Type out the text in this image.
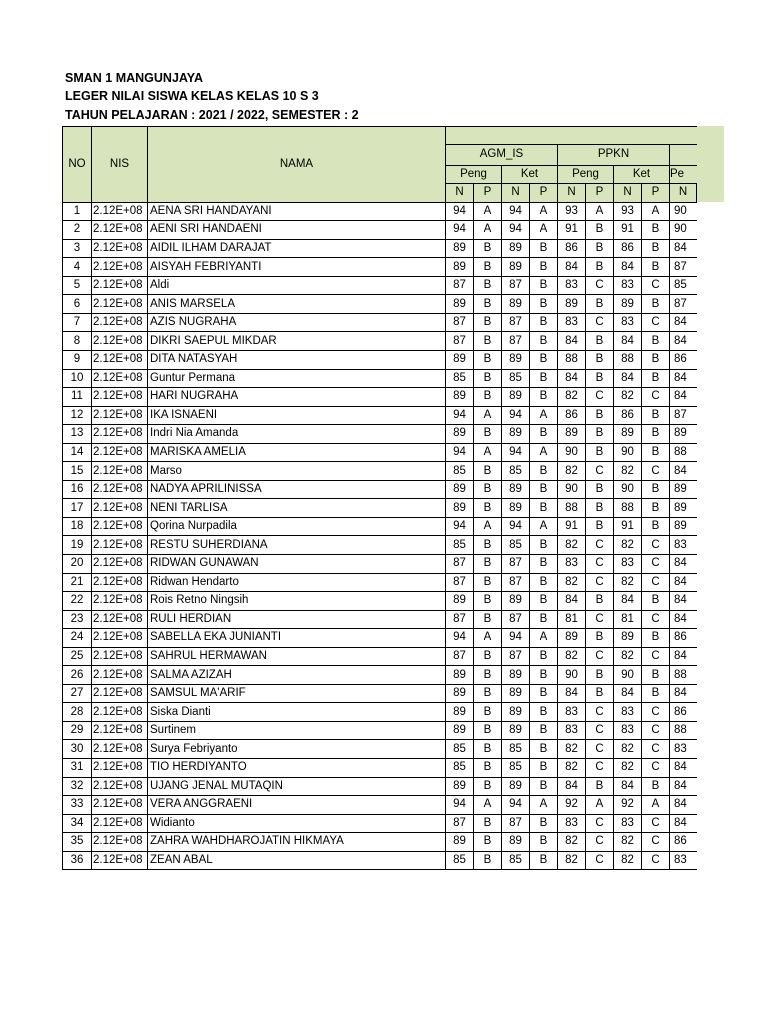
SMAN 1 MANGUNJAYA
LEGER NILAI SISWA KELAS KELAS 10 S 3
TAHUN PELAJARAN : 2021 / 2022, SEMESTER : 2
NO	NIS	NAMA									
			AGM_IS				PPKN				
			Peng		Ket		Peng		Ket		Pe
			N	P	N	P	N	P	N	P	N
1	2.12E+08	AENA SRI HANDAYANI	94	A	94	A	93	A	93	A	90
2	2.12E+08	AENI SRI HANDAENI	94	A	94	A	91	B	91	B	90
3	2.12E+08	AIDIL ILHAM DARAJAT	89	B	89	B	86	B	86	B	84
4	2.12E+08	AISYAH FEBRIYANTI	89	B	89	B	84	B	84	B	87
5	2.12E+08	Aldi	87	B	87	B	83	C	83	C	85
6	2.12E+08	ANIS MARSELA	89	B	89	B	89	B	89	B	87
7	2.12E+08	AZIS NUGRAHA	87	B	87	B	83	C	83	C	84
8	2.12E+08	DIKRI SAEPUL MIKDAR	87	B	87	B	84	B	84	B	84
9	2.12E+08	DITA NATASYAH	89	B	89	B	88	B	88	B	86
10	2.12E+08	Guntur Permana	85	B	85	B	84	B	84	B	84
11	2.12E+08	HARI NUGRAHA	89	B	89	B	82	C	82	C	84
12	2.12E+08	IKA ISNAENI	94	A	94	A	86	B	86	B	87
13	2.12E+08	Indri Nia Amanda	89	B	89	B	89	B	89	B	89
14	2.12E+08	MARISKA AMELIA	94	A	94	A	90	B	90	B	88
15	2.12E+08	Marso	85	B	85	B	82	C	82	C	84
16	2.12E+08	NADYA APRILINISSA	89	B	89	B	90	B	90	B	89
17	2.12E+08	NENI TARLISA	89	B	89	B	88	B	88	B	89
18	2.12E+08	Qorina Nurpadila	94	A	94	A	91	B	91	B	89
19	2.12E+08	RESTU SUHERDIANA	85	B	85	B	82	C	82	C	83
20	2.12E+08	RIDWAN GUNAWAN	87	B	87	B	83	C	83	C	84
21	2.12E+08	Ridwan Hendarto	87	B	87	B	82	C	82	C	84
22	2.12E+08	Rois Retno Ningsih	89	B	89	B	84	B	84	B	84
23	2.12E+08	RULI HERDIAN	87	B	87	B	81	C	81	C	84
24	2.12E+08	SABELLA EKA JUNIANTI	94	A	94	A	89	B	89	B	86
25	2.12E+08	SAHRUL HERMAWAN	87	B	87	B	82	C	82	C	84
26	2.12E+08	SALMA AZIZAH	89	B	89	B	90	B	90	B	88
27	2.12E+08	SAMSUL MA'ARIF	89	B	89	B	84	B	84	B	84
28	2.12E+08	Siska Dianti	89	B	89	B	83	C	83	C	86
29	2.12E+08	Surtinem	89	B	89	B	83	C	83	C	88
30	2.12E+08	Surya Febriyanto	85	B	85	B	82	C	82	C	83
31	2.12E+08	TIO HERDIYANTO	85	B	85	B	82	C	82	C	84
32	2.12E+08	UJANG JENAL MUTAQIN	89	B	89	B	84	B	84	B	84
33	2.12E+08	VERA ANGGRAENI	94	A	94	A	92	A	92	A	84
34	2.12E+08	Widianto	87	B	87	B	83	C	83	C	84
35	2.12E+08	ZAHRA WAHDHAROJATIN HIKMAYA	89	B	89	B	82	C	82	C	86
36	2.12E+08	ZEAN ABAL	85	B	85	B	82	C	82	C	83
